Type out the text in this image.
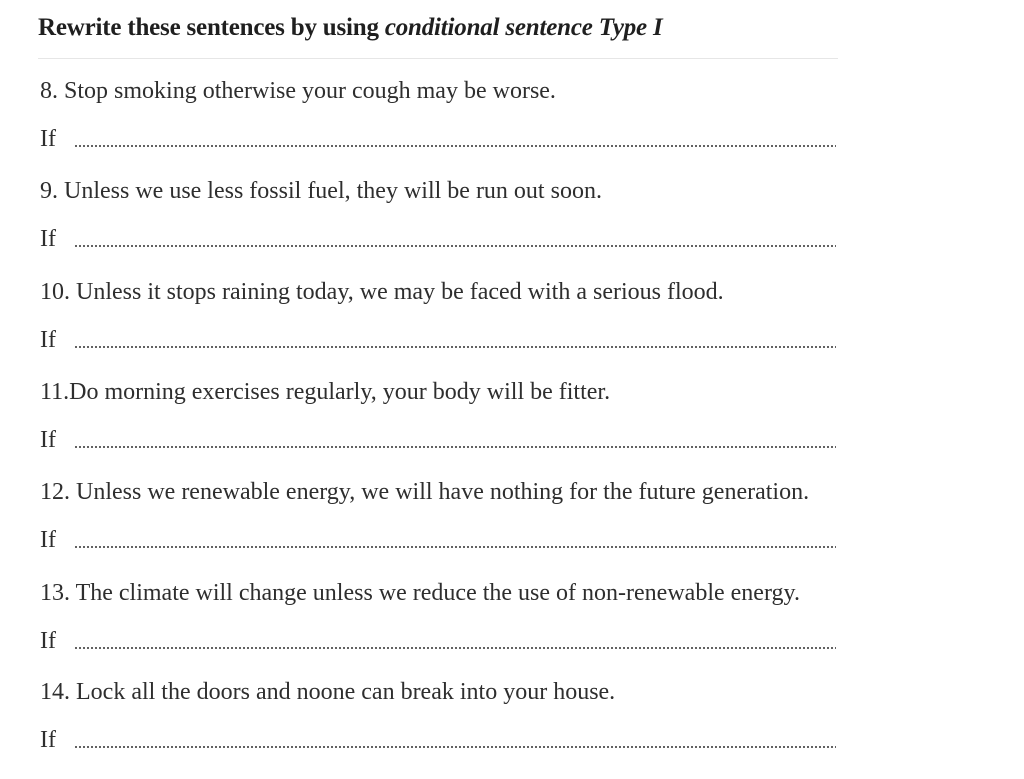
Rewrite these sentences by using conditional sentence Type I
8. Stop smoking otherwise your cough may be worse.
If
9. Unless we use less fossil fuel, they will be run out soon.
If
10. Unless it stops raining today, we may be faced with a serious flood.
If
11.Do morning exercises regularly, your body will be fitter.
If
12. Unless we renewable energy, we will have nothing for the future generation.
If
13. The climate will change unless we reduce the use of non-renewable energy.
If
14. Lock all the doors and noone can break into your house.
If
